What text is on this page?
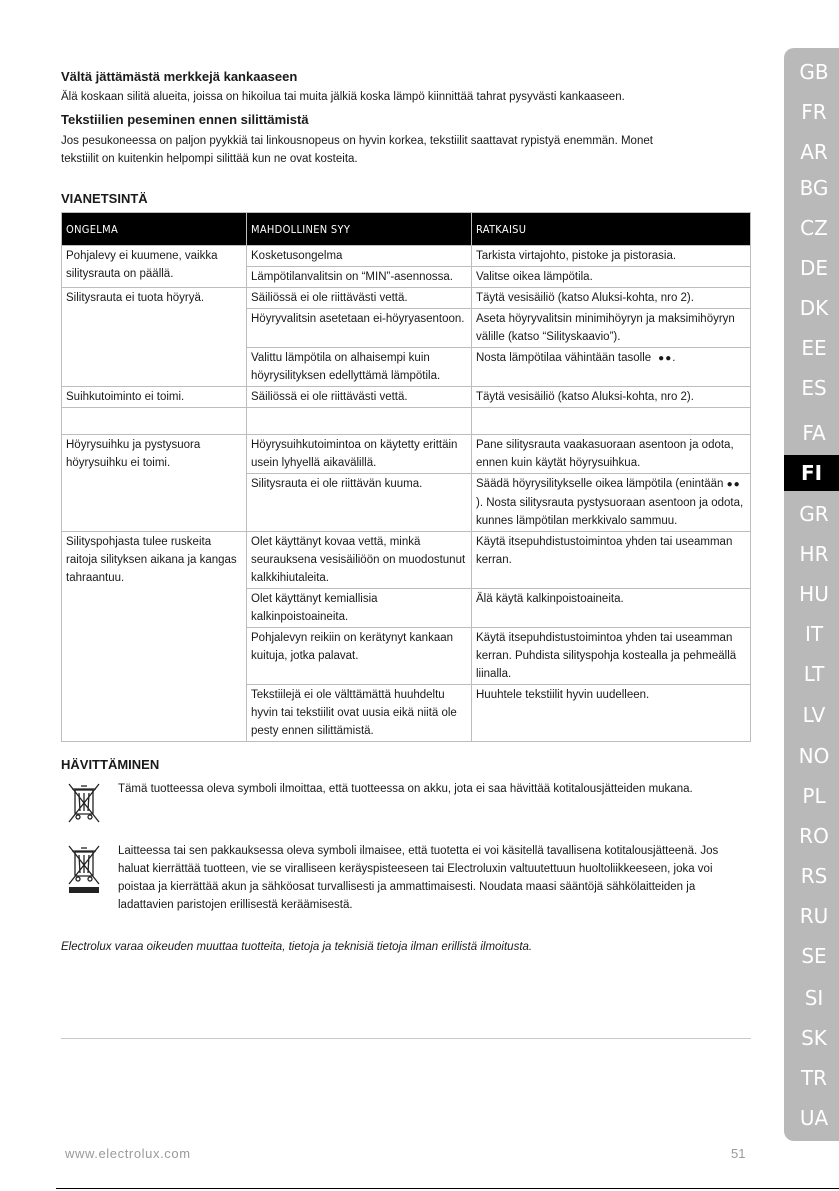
Vältä jättämästä merkkejä kankaaseen

Älä koskaan silitä alueita, joissa on hikoilua tai muita jälkiä koska lämpö kiinnittää tahrat pysyvästi kankaaseen.

Tekstiilien peseminen ennen silittämistä

Jos pesukoneessa on paljon pyykkiä tai linkousnopeus on hyvin korkea, tekstiilit saattavat rypistyä enemmän. Monet
tekstiilit on kuitenkin helpompi silittää kun ne ovat kosteita.

VIANETSINTÄ
ONGELMA	MAHDOLLINEN SYY	RATKAISU
Pohjalevy ei kuumene, vaikka silitysrauta on päällä.	Kosketusongelma	Tarkista virtajohto, pistoke ja pistorasia.
	Lämpötilanvalitsin on “MIN”-asennossa.	Valitse oikea lämpötila.
Silitysrauta ei tuota höyryä.	Säiliössä ei ole riittävästi vettä.	Täytä vesisäiliö (katso Aluksi-kohta, nro 2).
	Höyryvalitsin asetetaan ei-höyryasentoon.	Aseta höyryvalitsin minimihöyryn ja maksimihöyryn välille (katso “Silityskaavio”).
	Valittu lämpötila on alhaisempi kuin höyrysilityksen edellyttämä lämpötila.	Nosta lämpötilaa vähintään tasolle  ●●.
Suihkutoiminto ei toimi.	Säiliössä ei ole riittävästi vettä.	Täytä vesisäiliö (katso Aluksi-kohta, nro 2).

Höyrysuihku ja pystysuora höyrysuihku ei toimi.	Höyrysuihkutoimintoa on käytetty erittäin usein lyhyellä aikavälillä.	Pane silitysrauta vaakasuoraan asentoon ja odota, ennen kuin käytät höyrysuihkua.
	Silitysrauta ei ole riittävän kuuma.	Säädä höyrysilitykselle oikea lämpötila (enintään ●●). Nosta silitysrauta pystysuoraan asentoon ja odota, kunnes lämpötilan merkkivalo sammuu.
Silityspohjasta tulee ruskeita raitoja silityksen aikana ja kangas tahraantuu.	Olet käyttänyt kovaa vettä, minkä seurauksena vesisäiliöön on muodostunut kalkkihiutaleita.	Käytä itsepuhdistustoimintoa yhden tai useamman kerran.
	Olet käyttänyt kemiallisia kalkinpoistoaineita.	Älä käytä kalkinpoistoaineita.
	Pohjalevyn reikiin on kerätynyt kankaan kuituja, jotka palavat.	Käytä itsepuhdistustoimintoa yhden tai useamman kerran. Puhdista silityspohja kostealla ja pehmeällä liinalla.
	Tekstiilejä ei ole välttämättä huuhdeltu hyvin tai tekstiilit ovat uusia eikä niitä ole pesty ennen silittämistä.	Huuhtele tekstiilit hyvin uudelleen.
HÄVITTÄMINEN
Tämä tuotteessa oleva symboli ilmoittaa, että tuotteessa on akku, jota ei saa hävittää kotitalousjätteiden mukana.
Laitteessa tai sen pakkauksessa oleva symboli ilmaisee, että tuotetta ei voi käsitellä tavallisena kotitalousjätteenä. Jos haluat kierrättää tuotteen, vie se viralliseen keräyspisteeseen tai Electroluxin valtuutettuun huoltoliikkeeseen, joka voi poistaa ja kierrättää akun ja sähköosat turvallisesti ja ammattimaisesti. Noudata maasi sääntöjä sähkölaitteiden ja ladattavien paristojen erillisestä keräämisestä.
Electrolux varaa oikeuden muuttaa tuotteita, tietoja ja teknisiä tietoja ilman erillistä ilmoitusta.
www.electrolux.com	51
GB
FR
AR
BG
CZ
DE
DK
EE
ES
FA
FI
GR
HR
HU
IT
LT
LV
NO
PL
RO
RS
RU
SE
SI
SK
TR
UA
